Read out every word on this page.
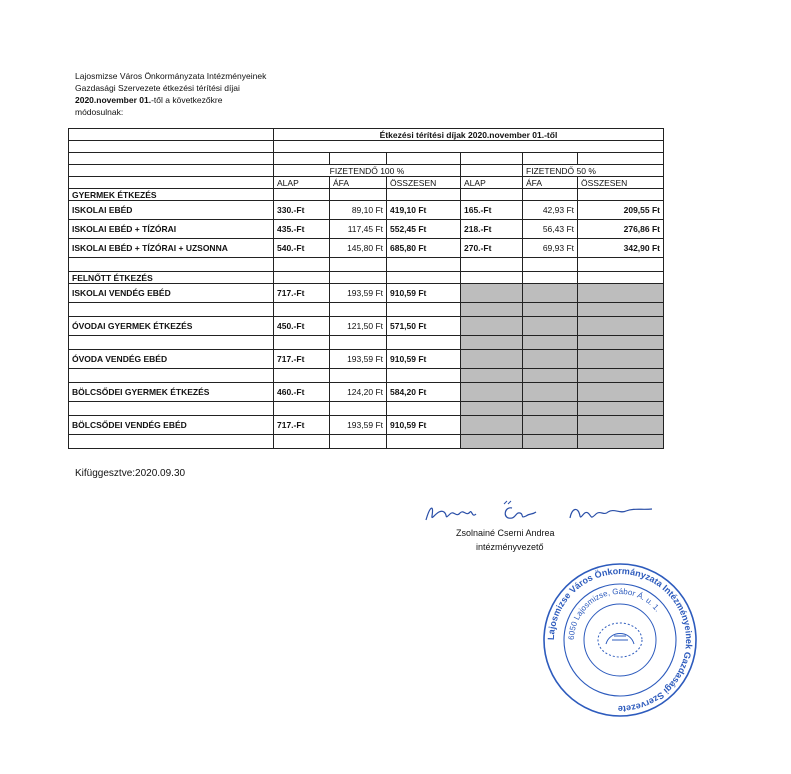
Lajosmizse Város Önkormányzata Intézményeinek
Gazdasági Szervezete étkezési térítési díjai
2020.november 01.-től a következőkre
módosulnak:
	Étkezési térítési díjak 2020.november 01.-től					

	FIZETENDŐ 100 %				FIZETENDŐ 50 %	
	ALAP	ÁFA	ÖSSZESEN	ALAP	ÁFA	ÖSSZESEN
GYERMEK ÉTKEZÉS						
ISKOLAI EBÉD	330.-Ft	89,10 Ft	419,10 Ft	165.-Ft	42,93 Ft	209,55 Ft
ISKOLAI EBÉD + TÍZÓRAI	435.-Ft	117,45 Ft	552,45 Ft	218.-Ft	56,43 Ft	276,86 Ft
ISKOLAI EBÉD + TÍZÓRAI + UZSONNA	540.-Ft	145,80 Ft	685,80 Ft	270.-Ft	69,93 Ft	342,90 Ft

FELNŐTT ÉTKEZÉS						
ISKOLAI VENDÉG EBÉD	717.-Ft	193,59 Ft	910,59 Ft			

ÓVODAI GYERMEK ÉTKEZÉS	450.-Ft	121,50 Ft	571,50 Ft			

ÓVODA VENDÉG EBÉD	717.-Ft	193,59 Ft	910,59 Ft			

BÖLCSŐDEI GYERMEK ÉTKEZÉS	460.-Ft	124,20 Ft	584,20 Ft			

BÖLCSŐDEI VENDÉG EBÉD	717.-Ft	193,59 Ft	910,59 Ft			

Kifüggesztve:2020.09.30
Zsolnainé Cserni Andrea
intézményvezető
Lajosmizse Város Önkormányzata Intézményeinek Gazdasági Szervezete
6050 Lajosmizse, Gábor Á. u. 1.
